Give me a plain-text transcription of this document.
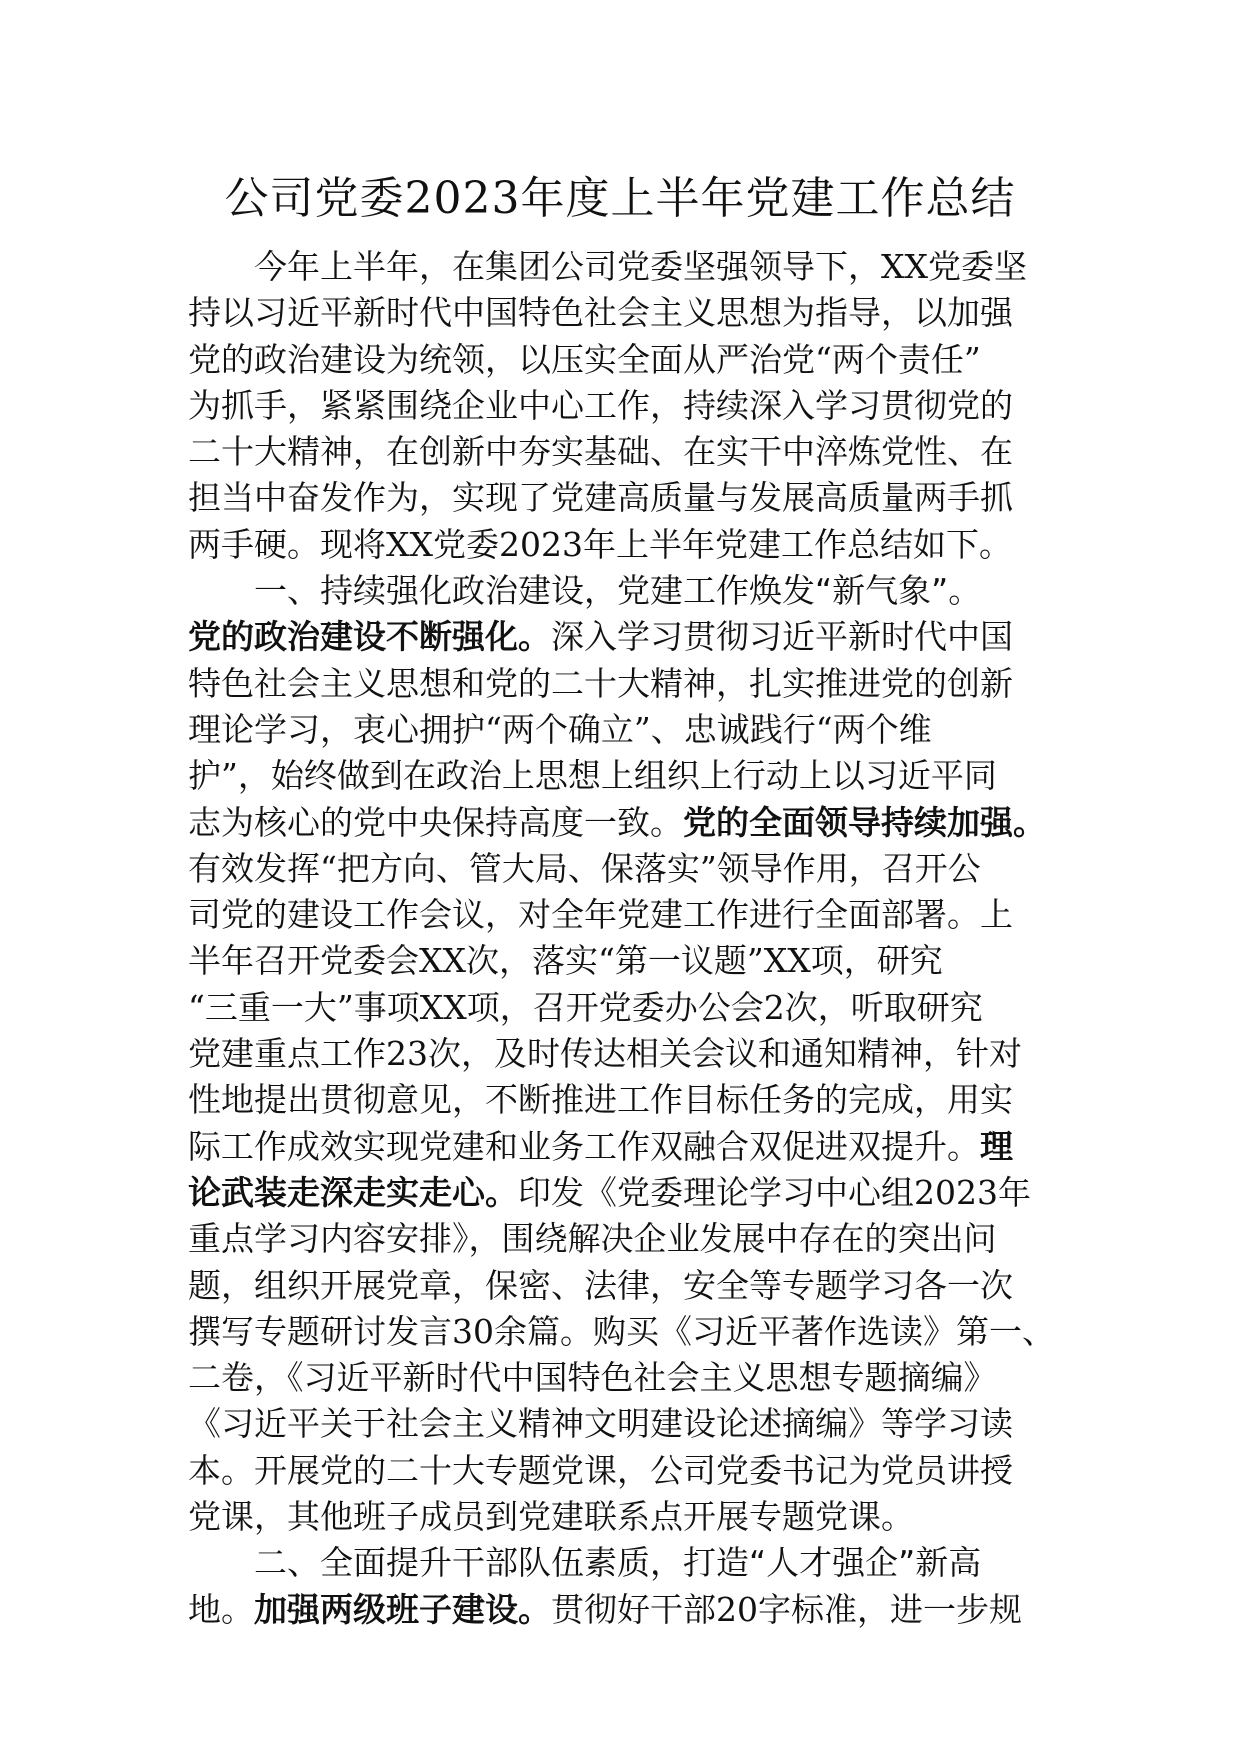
公司党委2023年度上半年党建工作总结
今年上半年，在集团公司党委坚强领导下，XX党委坚
持以习近平新时代中国特色社会主义思想为指导，以加强
党的政治建设为统领，以压实全面从严治党“两个责任”
为抓手，紧紧围绕企业中心工作，持续深入学习贯彻党的
二十大精神，在创新中夯实基础、在实干中淬炼党性、在
担当中奋发作为，实现了党建高质量与发展高质量两手抓
两手硬。现将XX党委2023年上半年党建工作总结如下。
一、持续强化政治建设，党建工作焕发“新气象”。
党的政治建设不断强化。深入学习贯彻习近平新时代中国
特色社会主义思想和党的二十大精神，扎实推进党的创新
理论学习，衷心拥护“两个确立”、忠诚践行“两个维
护”，始终做到在政治上思想上组织上行动上以习近平同
志为核心的党中央保持高度一致。党的全面领导持续加强。
有效发挥“把方向、管大局、保落实”领导作用，召开公
司党的建设工作会议，对全年党建工作进行全面部署。上
半年召开党委会XX次，落实“第一议题”XX项，研究
“三重一大”事项XX项，召开党委办公会2次，听取研究
党建重点工作23次，及时传达相关会议和通知精神，针对
性地提出贯彻意见，不断推进工作目标任务的完成，用实
际工作成效实现党建和业务工作双融合双促进双提升。理
论武装走深走实走心。印发《党委理论学习中心组2023年
重点学习内容安排》，围绕解决企业发展中存在的突出问
题，组织开展党章，保密、法律，安全等专题学习各一次
撰写专题研讨发言30余篇。购买《习近平著作选读》第一、
二卷，《习近平新时代中国特色社会主义思想专题摘编》
《习近平关于社会主义精神文明建设论述摘编》等学习读
本。开展党的二十大专题党课，公司党委书记为党员讲授
党课，其他班子成员到党建联系点开展专题党课。
二、全面提升干部队伍素质，打造“人才强企”新高
地。加强两级班子建设。贯彻好干部20字标准，进一步规
